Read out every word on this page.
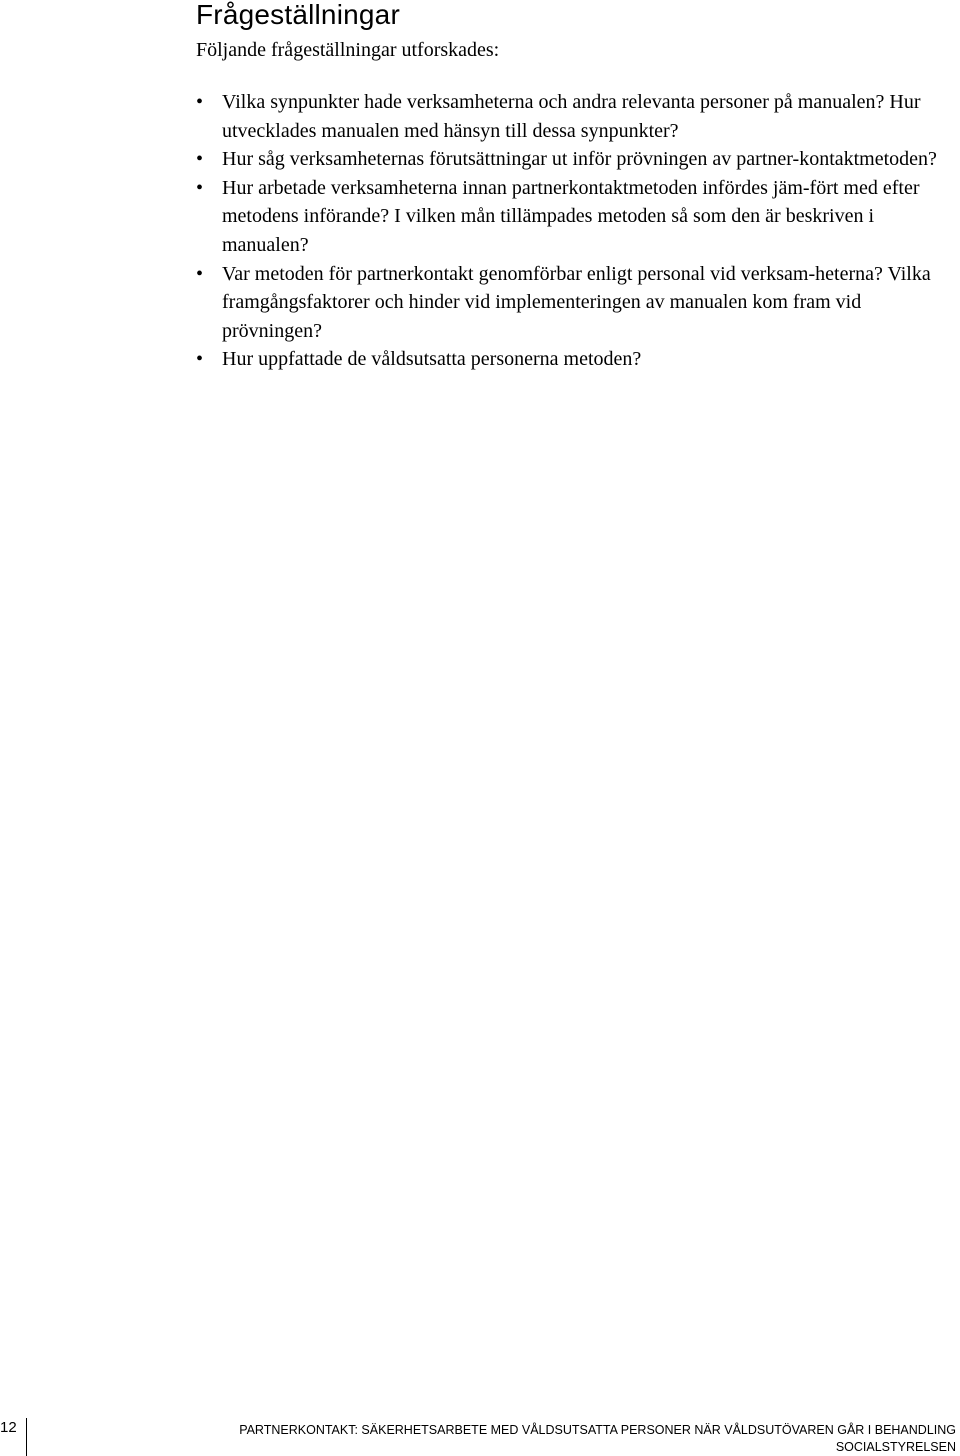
Frågeställningar

Följande frågeställningar utforskades:

• Vilka synpunkter hade verksamheterna och andra relevanta personer på manualen? Hur utvecklades manualen med hänsyn till dessa synpunkter?
• Hur såg verksamheternas förutsättningar ut inför prövningen av partner-kontaktmetoden?
• Hur arbetade verksamheterna innan partnerkontaktmetoden infördes jäm-fört med efter metodens införande? I vilken mån tillämpades metoden så som den är beskriven i manualen?
• Var metoden för partnerkontakt genomförbar enligt personal vid verksam-heterna? Vilka framgångsfaktorer och hinder vid implementeringen av manualen kom fram vid prövningen?
• Hur uppfattade de våldsutsatta personerna metoden?
12	PARTNERKONTAKT: SÄKERHETSARBETE MED VÅLDSUTSATTA PERSONER NÄR VÅLDSUTÖVAREN GÅR I BEHANDLING
SOCIALSTYRELSEN
